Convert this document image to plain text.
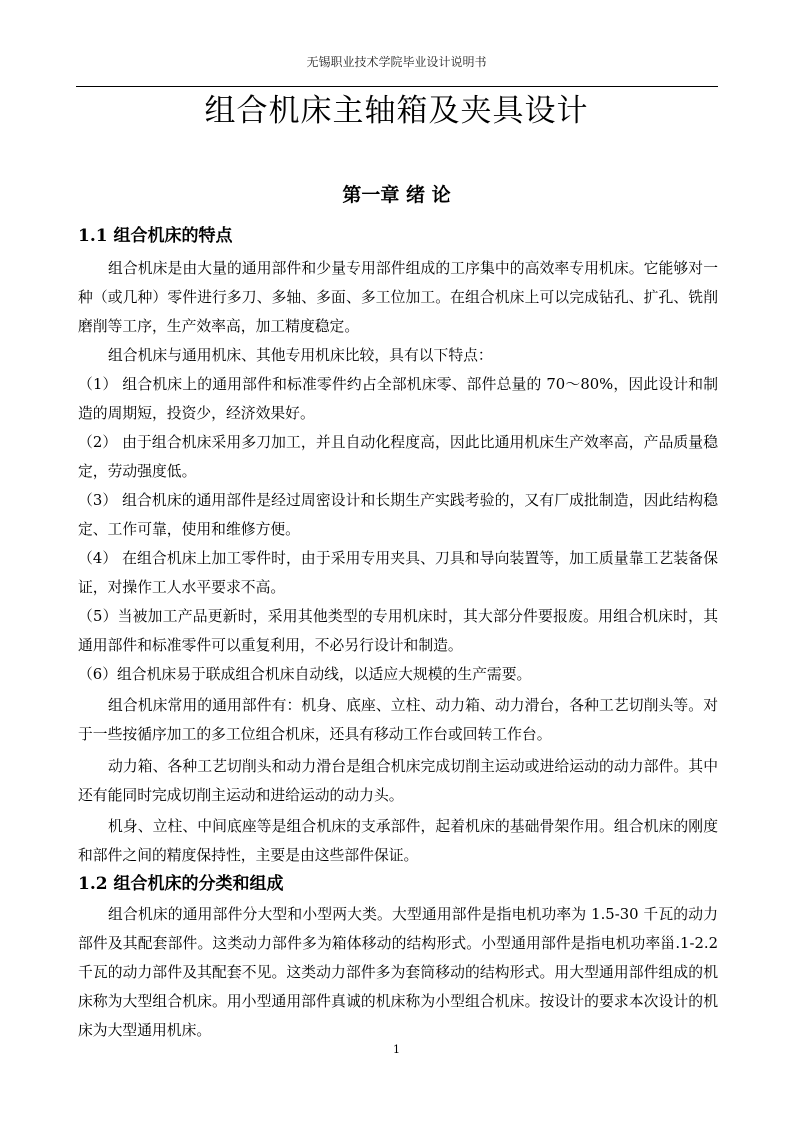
无锡职业技术学院毕业设计说明书
组合机床主轴箱及夹具设计
第一章 绪 论
1.1 组合机床的特点
组合机床是由大量的通用部件和少量专用部件组成的工序集中的高效率专用机床。它能够对一种（或几种）零件进行多刀、多轴、多面、多工位加工。在组合机床上可以完成钻孔、扩孔、铣削磨削等工序，生产效率高，加工精度稳定。
组合机床与通用机床、其他专用机床比较，具有以下特点：
（1） 组合机床上的通用部件和标准零件约占全部机床零、部件总量的 70～80%，因此设计和制造的周期短，投资少，经济效果好。
（2） 由于组合机床采用多刀加工，并且自动化程度高，因此比通用机床生产效率高，产品质量稳定，劳动强度低。
（3） 组合机床的通用部件是经过周密设计和长期生产实践考验的，又有厂成批制造，因此结构稳定、工作可靠，使用和维修方便。
（4） 在组合机床上加工零件时，由于采用专用夹具、刀具和导向装置等，加工质量靠工艺装备保证，对操作工人水平要求不高。
（5）当被加工产品更新时，采用其他类型的专用机床时，其大部分件要报废。用组合机床时，其通用部件和标准零件可以重复利用，不必另行设计和制造。
（6）组合机床易于联成组合机床自动线，以适应大规模的生产需要。
组合机床常用的通用部件有：机身、底座、立柱、动力箱、动力滑台，各种工艺切削头等。对于一些按循序加工的多工位组合机床，还具有移动工作台或回转工作台。
动力箱、各种工艺切削头和动力滑台是组合机床完成切削主运动或进给运动的动力部件。其中还有能同时完成切削主运动和进给运动的动力头。
机身、立柱、中间底座等是组合机床的支承部件，起着机床的基础骨架作用。组合机床的刚度和部件之间的精度保持性，主要是由这些部件保证。
1.2 组合机床的分类和组成
组合机床的通用部件分大型和小型两大类。大型通用部件是指电机功率为 1.5-30 千瓦的动力部件及其配套部件。这类动力部件多为箱体移动的结构形式。小型通用部件是指电机功率甾.1-2.2 千瓦的动力部件及其配套不见。这类动力部件多为套筒移动的结构形式。用大型通用部件组成的机床称为大型组合机床。用小型通用部件真诚的机床称为小型组合机床。按设计的要求本次设计的机床为大型通用机床。
1
